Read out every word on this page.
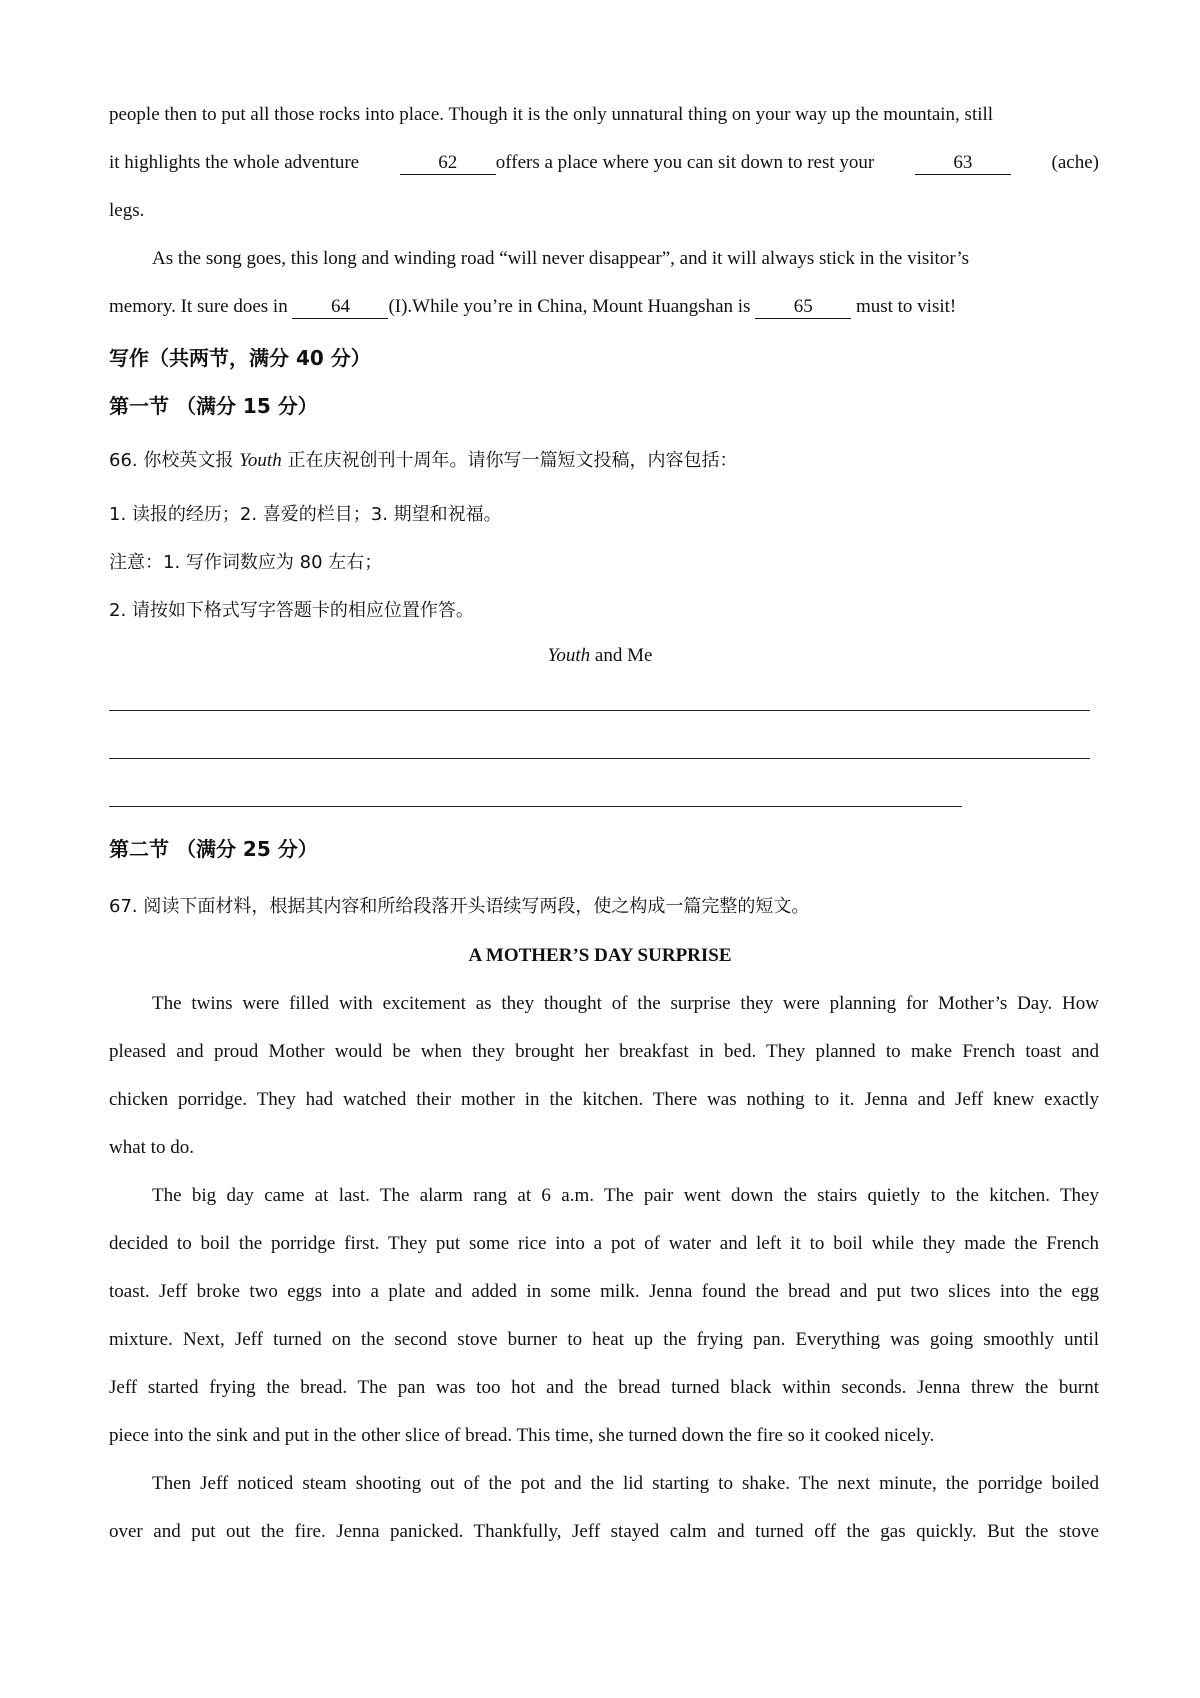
people then to put all those rocks into place. Though it is the only unnatural thing on your way up the mountain, still
it highlights the whole adventure	62 offers a place where you can sit down to rest your	63	(ache)
legs.
As the song goes, this long and winding road “will never disappear”, and it will always stick in the visitor’s
memory. It sure does in 64 (I).While you’re in China, Mount Huangshan is 65 must to visit!
写作（共两节，满分 40 分）
第一节 （满分 15 分）
66. 你校英文报 Youth 正在庆祝创刊十周年。请你写一篇短文投稿，内容包括：
1. 读报的经历；2. 喜爱的栏目；3. 期望和祝福。
注意：1. 写作词数应为 80 左右；
2. 请按如下格式写字答题卡的相应位置作答。
Youth and Me
第二节 （满分 25 分）
67. 阅读下面材料，根据其内容和所给段落开头语续写两段，使之构成一篇完整的短文。
A MOTHER’S DAY SURPRISE
The twins were filled with excitement as they thought of the surprise they were planning for Mother’s Day. How
pleased and proud Mother would be when they brought her breakfast in bed. They planned to make French toast and
chicken porridge. They had watched their mother in the kitchen. There was nothing to it. Jenna and Jeff knew exactly
what to do.
The big day came at last. The alarm rang at 6 a.m. The pair went down the stairs quietly to the kitchen. They
decided to boil the porridge first. They put some rice into a pot of water and left it to boil while they made the French
toast. Jeff broke two eggs into a plate and added in some milk. Jenna found the bread and put two slices into the egg
mixture. Next, Jeff turned on the second stove burner to heat up the frying pan. Everything was going smoothly until
Jeff started frying the bread. The pan was too hot and the bread turned black within seconds. Jenna threw the burnt
piece into the sink and put in the other slice of bread. This time, she turned down the fire so it cooked nicely.
Then Jeff noticed steam shooting out of the pot and the lid starting to shake. The next minute, the porridge boiled
over and put out the fire. Jenna panicked. Thankfully, Jeff stayed calm and turned off the gas quickly. But the stove
